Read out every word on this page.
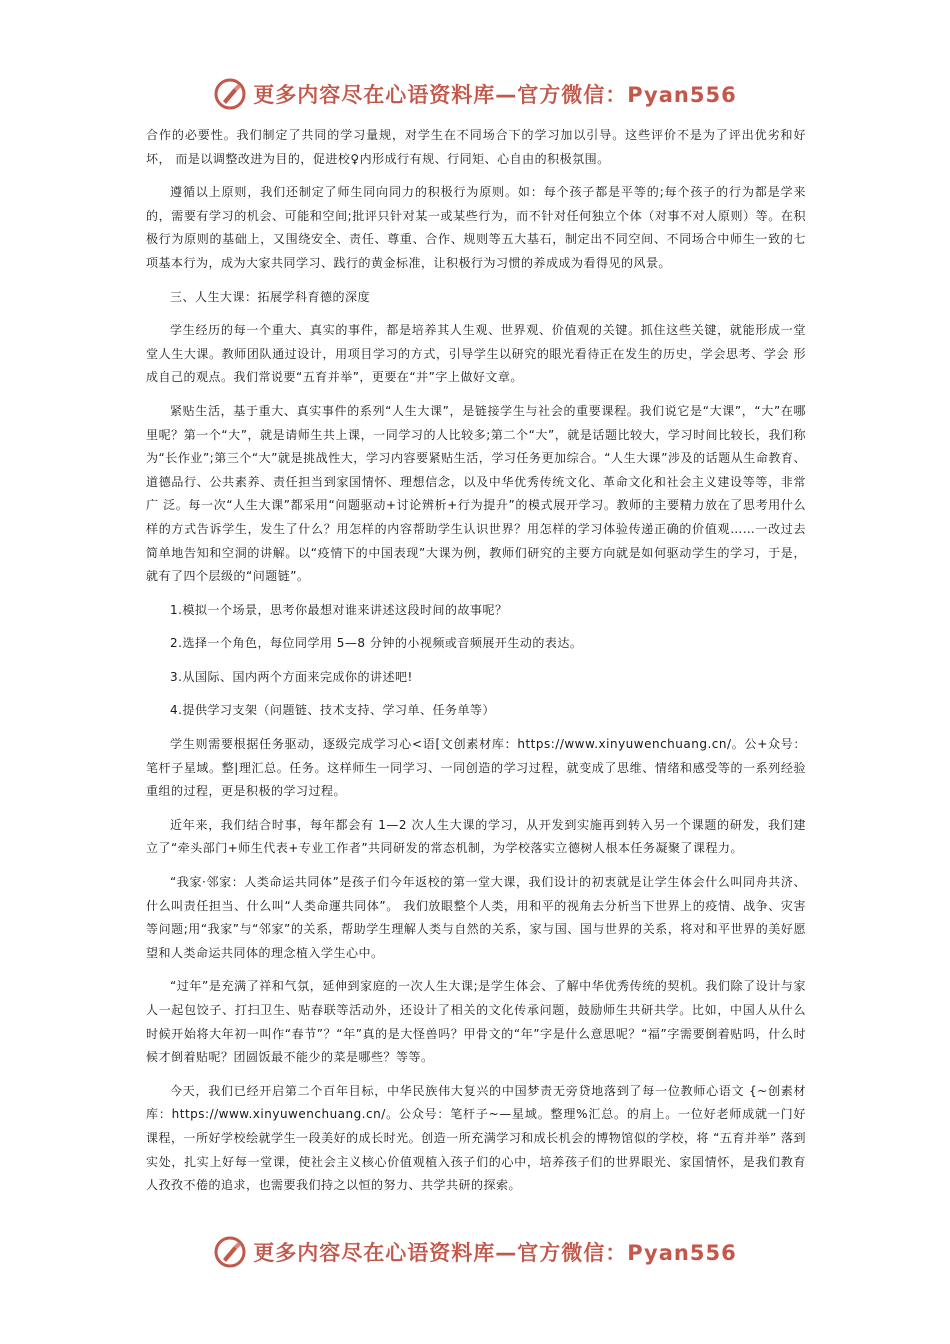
更多内容尽在心语资料库—官方微信：Pyan556

合作的必要性。我们制定了共同的学习量规，对学生在不同场合下的学习加以引导。这些评价不是为了评出优劣和好坏， 而是以调整改进为目的，促进校♀内形成行有规、行同矩、心自由的积极氛围。

遵循以上原则，我们还制定了师生同向同力的积极行为原则。如：每个孩子都是平等的;每个孩子的行为都是学来的，需要有学习的机会、可能和空间;批评只针对某一或某些行为，而不针对任何独立个体（对事不对人原则）等。在积极行为原则的基础上，又围绕安全、责任、尊重、合作、规则等五大基石，制定出不同空间、不同场合中师生一致的七 项基本行为，成为大家共同学习、践行的黄金标准，让积极行为习惯的养成成为看得见的风景。

三、人生大课：拓展学科育德的深度

学生经历的每一个重大、真实的事件，都是培养其人生观、世界观、价值观的关键。抓住这些关键，就能形成一堂堂人生大课。教师团队通过设计，用项目学习的方式，引导学生以研究的眼光看待正在发生的历史，学会思考、学会 形成自己的观点。我们常说要“五育并举”，更要在“并”字上做好文章。

紧贴生活，基于重大、真实事件的系列“人生大课”，是链接学生与社会的重要课程。我们说它是“大课”，“大”在哪里呢？第一个“大”，就是请师生共上课，一同学习的人比较多;第二个“大”，就是话题比较大，学习时间比较长，我们称为“长作业”;第三个“大”就是挑战性大，学习内容要紧贴生活，学习任务更加综合。“人生大课”涉及的话题从生命教育、道德品行、公共素养、责任担当到家国情怀、理想信念，以及中华优秀传统文化、革命文化和社会主义建设等等，非常广 泛。每一次“人生大课”都采用“问题驱动+讨论辨析+行为提升”的模式展开学习。教师的主要精力放在了思考用什么样的方式告诉学生，发生了什么？用怎样的内容帮助学生认识世界？用怎样的学习体验传递正确的价值观……一改过去简单地告知和空洞的讲解。以“疫情下的中国表现”大课为例，教师们研究的主要方向就是如何驱动学生的学习，于是，就有了四个层级的“问题链”。

1.模拟一个场景，思考你最想对谁来讲述这段时间的故事呢？

2.选择一个角色，每位同学用 5—8 分钟的小视频或音频展开生动的表达。

3.从国际、国内两个方面来完成你的讲述吧!

4.提供学习支架（问题链、技术支持、学习单、任务单等）

学生则需要根据任务驱动，逐级完成学习心<语[文创素材库：https://www.xinyuwenchuang.cn/。公+众号：笔杆子星域。整|理汇总。任务。这样师生一同学习、一同创造的学习过程，就变成了思维、情绪和感受等的一系列经验重组的过程，更是积极的学习过程。

近年来，我们结合时事，每年都会有 1—2 次人生大课的学习，从开发到实施再到转入另一个课题的研发，我们建立了“牵头部门+师生代表+专业工作者”共同研发的常态机制，为学校落实立德树人根本任务凝聚了课程力。

“我家·邻家：人类命运共同体”是孩子们今年返校的第一堂大课，我们设计的初衷就是让学生体会什么叫同舟共济、什么叫责任担当、什么叫“人类命運共同体”。 我们放眼整个人类，用和平的视角去分析当下世界上的疫情、战争、灾害等问题;用“我家”与“邻家”的关系，帮助学生理解人类与自然的关系，家与国、国与世界的关系，将对和平世界的美好愿望和人类命运共同体的理念植入学生心中。

“过年”是充满了祥和气氛，延伸到家庭的一次人生大课;是学生体会、了解中华优秀传统的契机。我们除了设计与家人一起包饺子、打扫卫生、贴春联等活动外，还设计了相关的文化传承问题，鼓励师生共研共学。比如，中国人从什么时候开始将大年初一叫作“春节”？“年”真的是大怪兽吗？甲骨文的“年”字是什么意思呢？“福”字需要倒着贴吗，什么时候才倒着贴呢？团圆饭最不能少的菜是哪些？等等。

今天，我们已经开启第二个百年目标，中华民族伟大复兴的中国梦责无旁贷地落到了每一位教师心语文 {~创素材库：https://www.xinyuwenchuang.cn/。公众号：笔杆子~—星域。整理%汇总。的肩上。一位好老师成就一门好课程，一所好学校绘就学生一段美好的成长时光。创造一所充满学习和成长机会的博物馆似的学校，将 “五育并举” 落到实处，扎实上好每一堂课，使社会主义核心价值观植入孩子们的心中，培养孩子们的世界眼光、家国情怀，是我们教育人孜孜不倦的追求，也需要我们持之以恒的努力、共学共研的探索。

更多内容尽在心语资料库—官方微信：Pyan556
